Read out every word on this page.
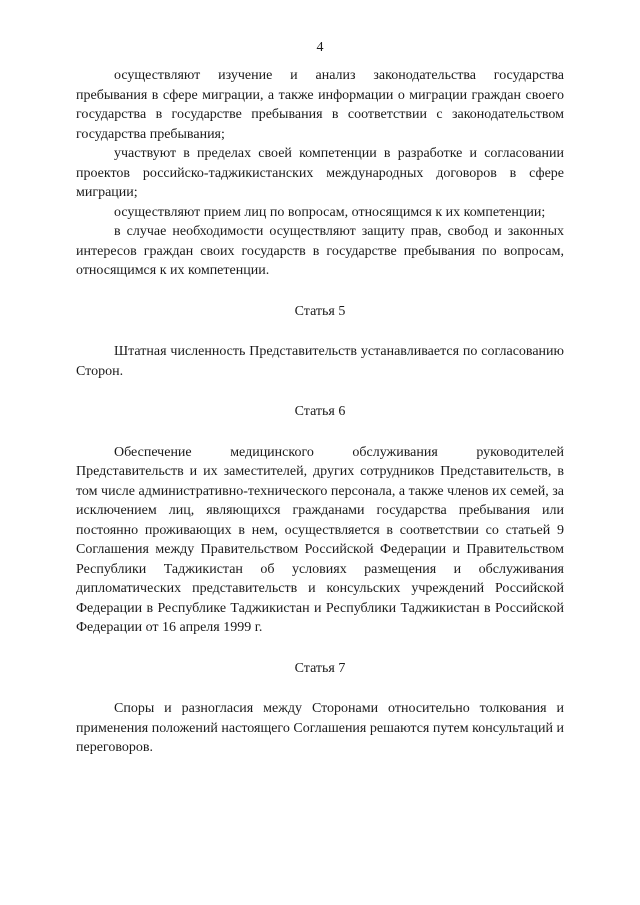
4

осуществляют изучение и анализ законодательства государства пребывания в сфере миграции, а также информации о миграции граждан своего государства в государстве пребывания в соответствии с законодательством государства пребывания;

участвуют в пределах своей компетенции в разработке и согласовании проектов российско-таджикистанских международных договоров в сфере миграции;

осуществляют прием лиц по вопросам, относящимся к их компетенции;

в случае необходимости осуществляют защиту прав, свобод и законных интересов граждан своих государств в государстве пребывания по вопросам, относящимся к их компетенции.

Статья 5

Штатная численность Представительств устанавливается по согласованию Сторон.

Статья 6

Обеспечение медицинского обслуживания руководителей Представительств и их заместителей, других сотрудников Представительств, в том числе административно-технического персонала, а также членов их семей, за исключением лиц, являющихся гражданами государства пребывания или постоянно проживающих в нем, осуществляется в соответствии со статьей 9 Соглашения между Правительством Российской Федерации и Правительством Республики Таджикистан об условиях размещения и обслуживания дипломатических представительств и консульских учреждений Российской Федерации в Республике Таджикистан и Республики Таджикистан в Российской Федерации от 16 апреля 1999 г.

Статья 7

Споры и разногласия между Сторонами относительно толкования и применения положений настоящего Соглашения решаются путем консультаций и переговоров.
